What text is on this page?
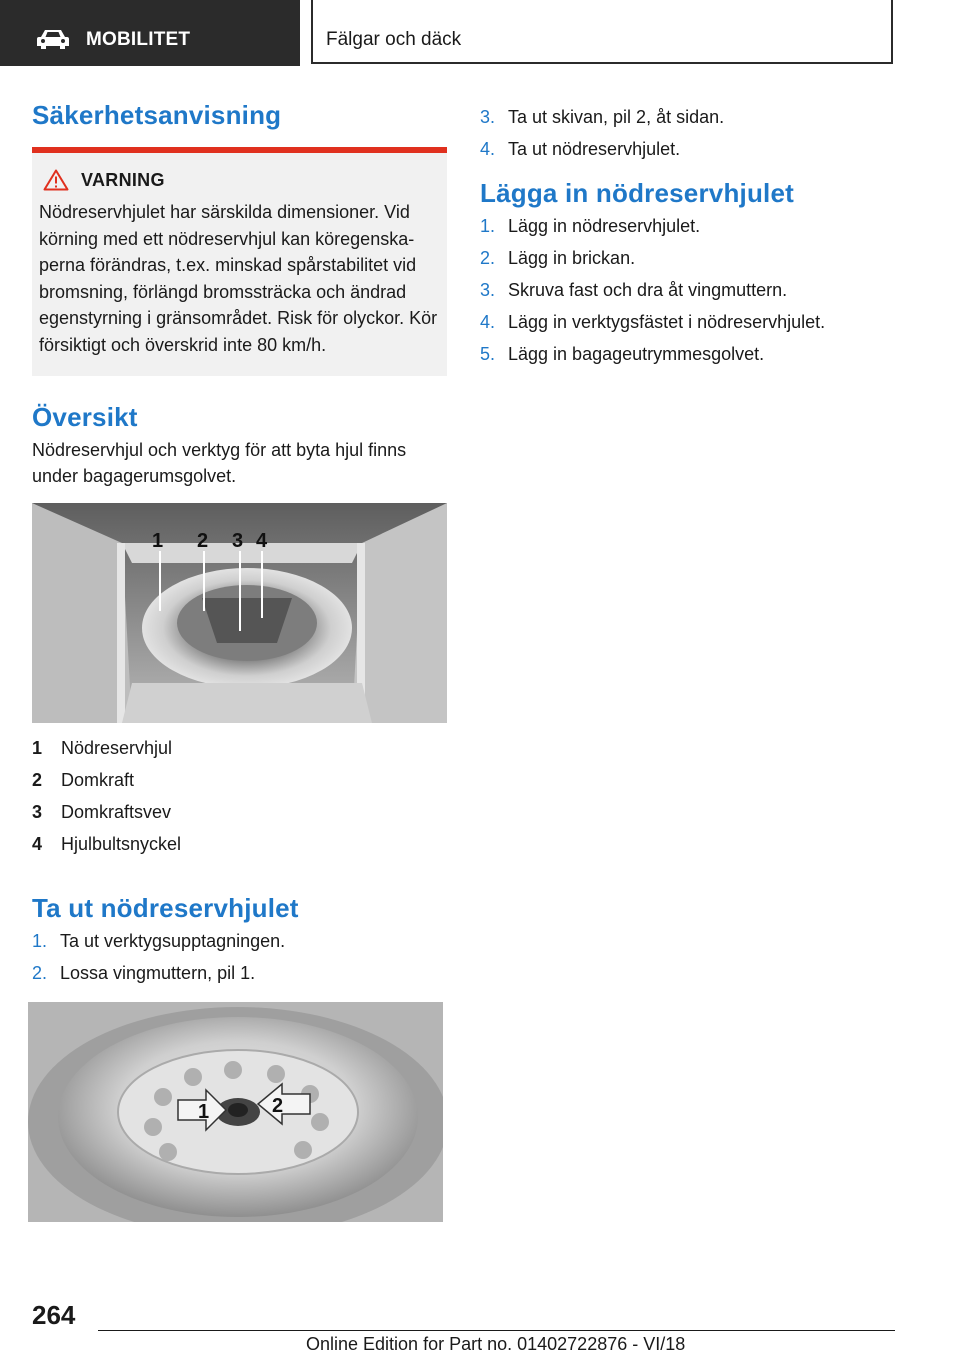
MOBILITET	Fälgar och däck
Säkerhetsanvisning
VARNING

Nödreservhjulet har särskilda dimensioner. Vid körning med ett nödreservhjul kan köregenska-perna förändras, t.ex. minskad spårstabilitet vid bromsning, förlängd bromssträcka och ändrad egenstyrning i gränsområdet. Risk för olyckor. Kör försiktigt och överskrid inte 80 km/h.

Översikt

Nödreservhjul och verktyg för att byta hjul finns under bagagerumsgolvet.

1 2 3 4
1	Nödreservhjul
2	Domkraft
3	Domkraftsvev
4	Hjulbultsnyckel
Ta ut nödreservhjulet
1. Ta ut verktygsupptagningen.
2. Lossa vingmuttern, pil 1.
1	2
3. Ta ut skivan, pil 2, åt sidan.
4. Ta ut nödreservhjulet.
Lägga in nödreservhjulet
1. Lägg in nödreservhjulet.
2. Lägg in brickan.
3. Skruva fast och dra åt vingmuttern.
4. Lägg in verktygsfästet i nödreservhjulet.
5. Lägg in bagageutrymmesgolvet.
264
Online Edition for Part no. 01402722876 - VI/18
